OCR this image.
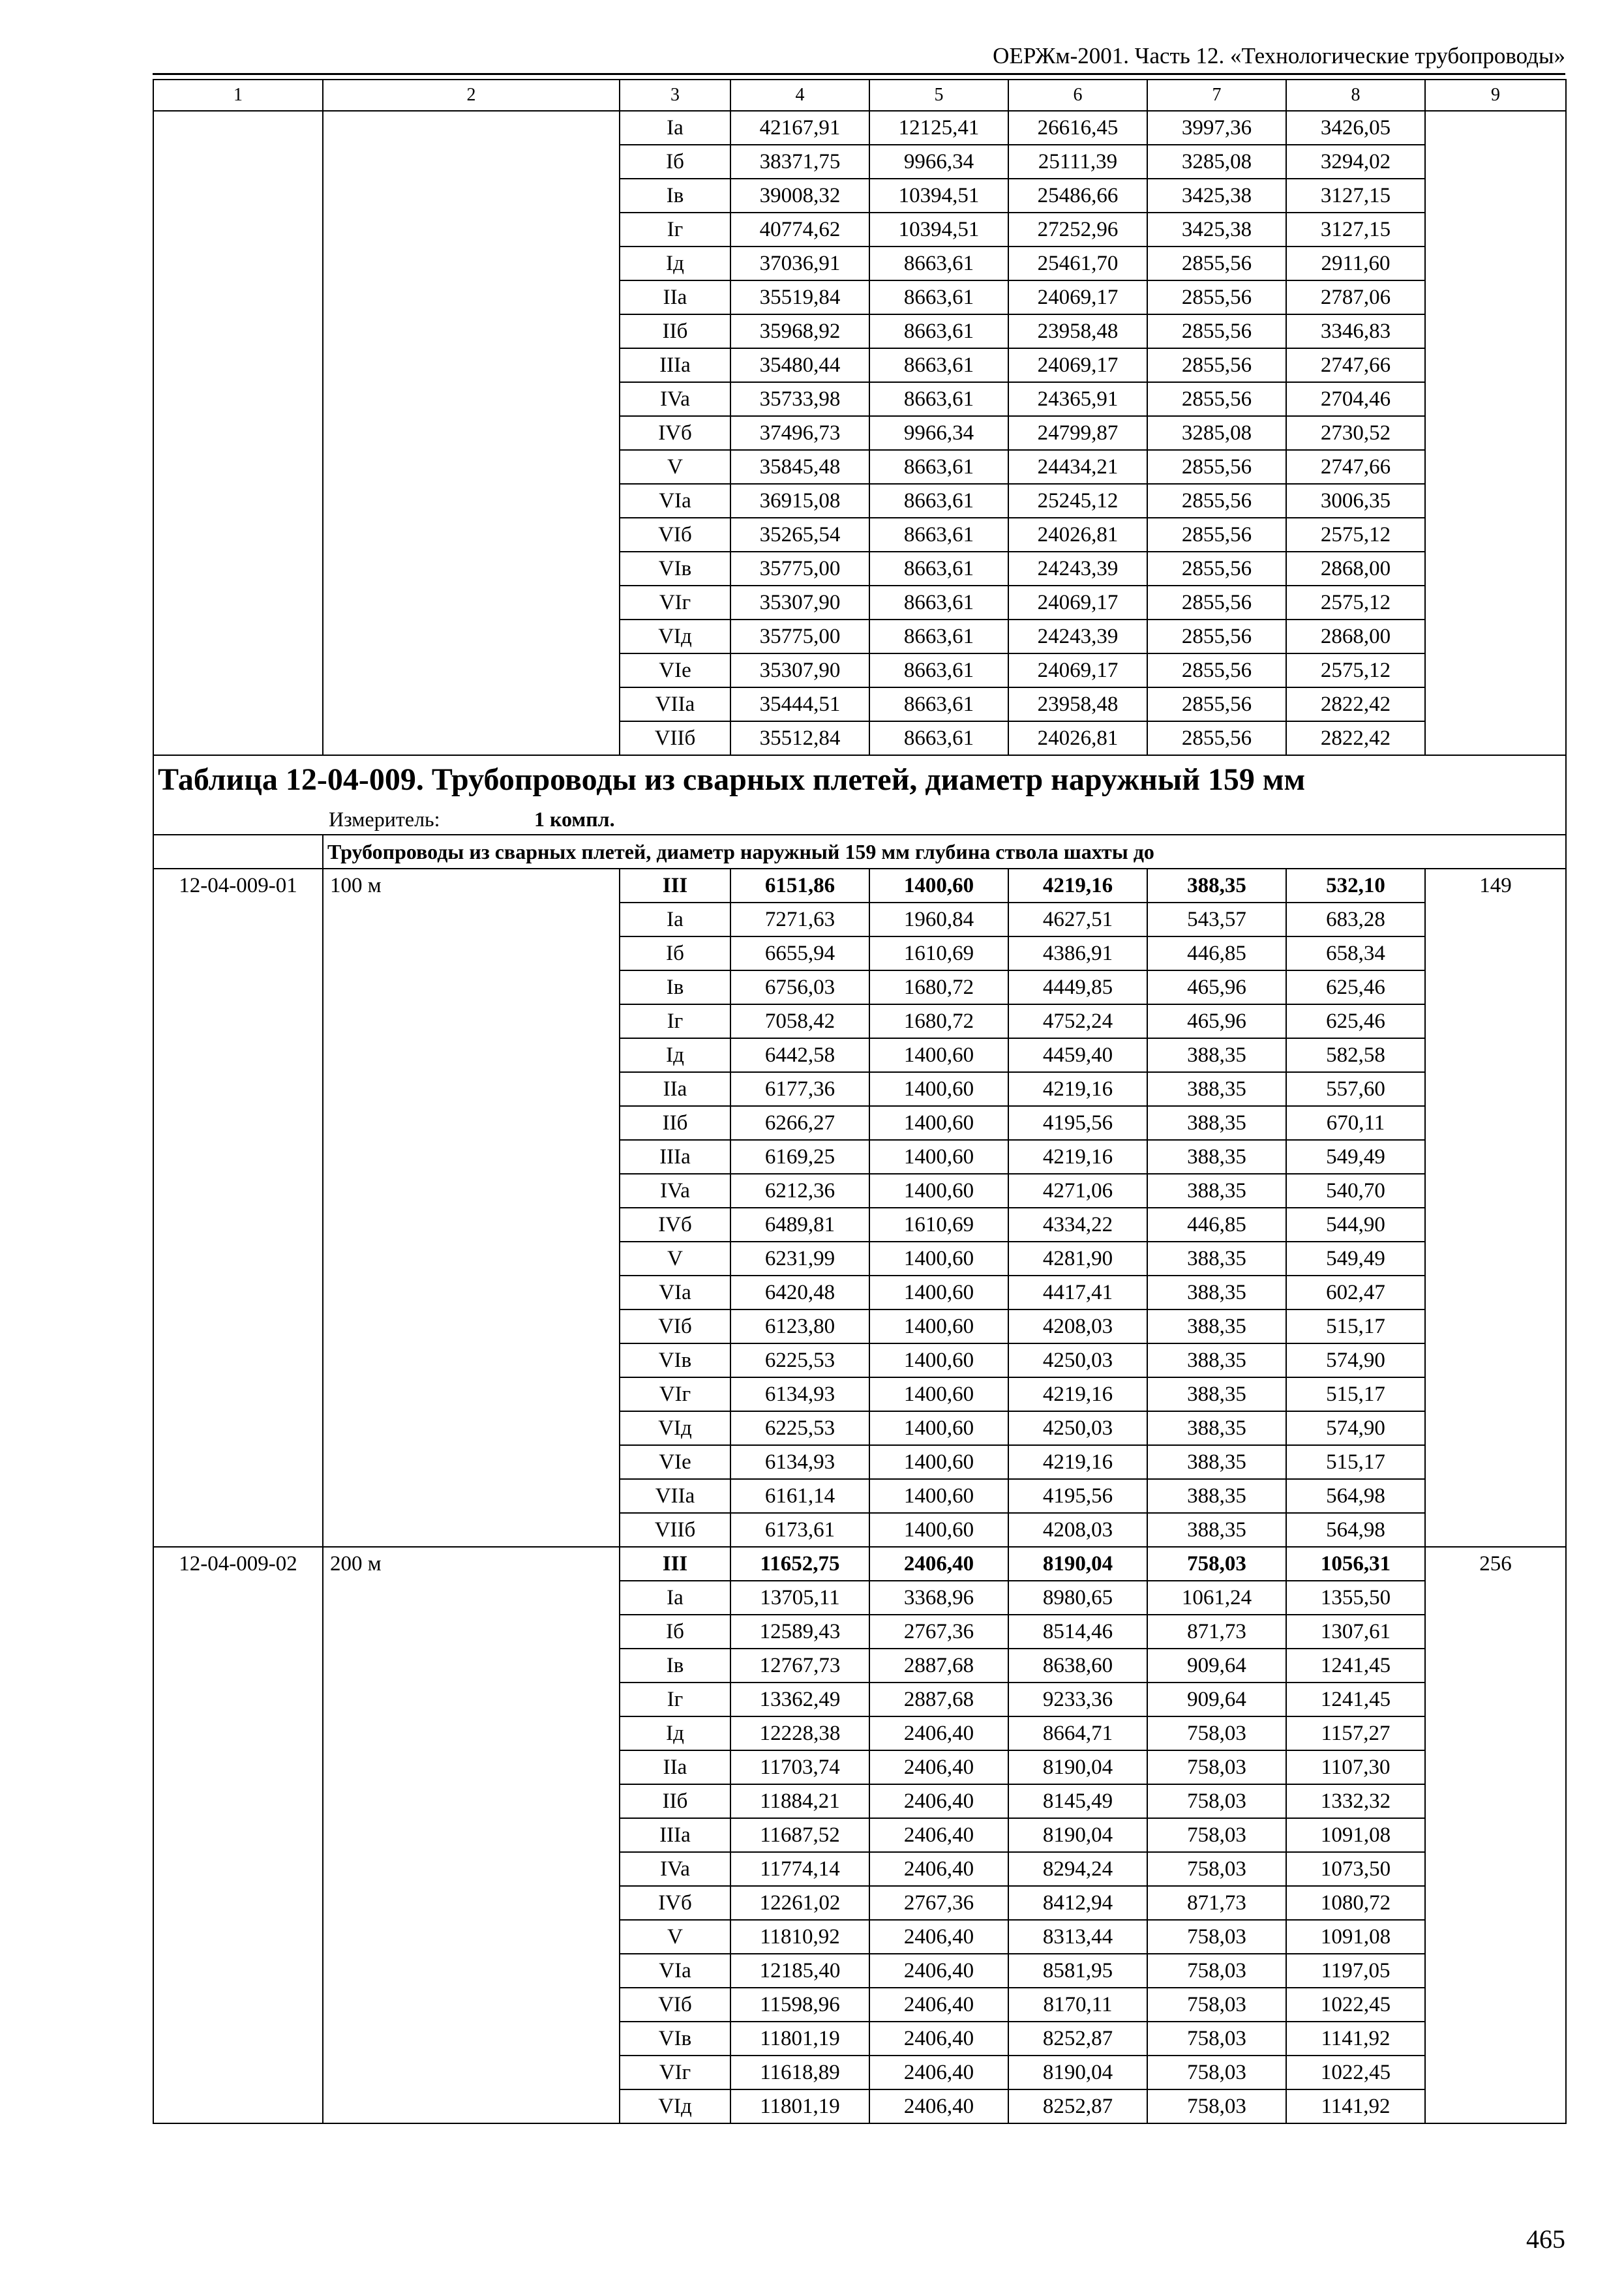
ОЕРЖм-2001. Часть 12. «Технологические трубопроводы»
1	2	3	4	5	6	7	8	9
		Ia	42167,91	12125,41	26616,45	3997,36	3426,05	
		Iб	38371,75	9966,34	25111,39	3285,08	3294,02	
		Iв	39008,32	10394,51	25486,66	3425,38	3127,15	
		Iг	40774,62	10394,51	27252,96	3425,38	3127,15	
		Iд	37036,91	8663,61	25461,70	2855,56	2911,60	
		IIa	35519,84	8663,61	24069,17	2855,56	2787,06	
		IIб	35968,92	8663,61	23958,48	2855,56	3346,83	
		IIIa	35480,44	8663,61	24069,17	2855,56	2747,66	
		IVa	35733,98	8663,61	24365,91	2855,56	2704,46	
		IVб	37496,73	9966,34	24799,87	3285,08	2730,52	
		V	35845,48	8663,61	24434,21	2855,56	2747,66	
		VIa	36915,08	8663,61	25245,12	2855,56	3006,35	
		VIб	35265,54	8663,61	24026,81	2855,56	2575,12	
		VIв	35775,00	8663,61	24243,39	2855,56	2868,00	
		VIг	35307,90	8663,61	24069,17	2855,56	2575,12	
		VIд	35775,00	8663,61	24243,39	2855,56	2868,00	
		VIe	35307,90	8663,61	24069,17	2855,56	2575,12	
		VIIa	35444,51	8663,61	23958,48	2855,56	2822,42	
		VIIб	35512,84	8663,61	24026,81	2855,56	2822,42	
Таблица 12-04-009. Трубопроводы из сварных плетей, диаметр наружный 159 мм								
Измеритель: 1 компл.								
	Трубопроводы из сварных плетей, диаметр наружный 159 мм глубина ствола шахты до							
12-04-009-01	100 м	III	6151,86	1400,60	4219,16	388,35	532,10	149
		Ia	7271,63	1960,84	4627,51	543,57	683,28	
		Iб	6655,94	1610,69	4386,91	446,85	658,34	
		Iв	6756,03	1680,72	4449,85	465,96	625,46	
		Iг	7058,42	1680,72	4752,24	465,96	625,46	
		Iд	6442,58	1400,60	4459,40	388,35	582,58	
		IIa	6177,36	1400,60	4219,16	388,35	557,60	
		IIб	6266,27	1400,60	4195,56	388,35	670,11	
		IIIa	6169,25	1400,60	4219,16	388,35	549,49	
		IVa	6212,36	1400,60	4271,06	388,35	540,70	
		IVб	6489,81	1610,69	4334,22	446,85	544,90	
		V	6231,99	1400,60	4281,90	388,35	549,49	
		VIa	6420,48	1400,60	4417,41	388,35	602,47	
		VIб	6123,80	1400,60	4208,03	388,35	515,17	
		VIв	6225,53	1400,60	4250,03	388,35	574,90	
		VIг	6134,93	1400,60	4219,16	388,35	515,17	
		VIд	6225,53	1400,60	4250,03	388,35	574,90	
		VIe	6134,93	1400,60	4219,16	388,35	515,17	
		VIIa	6161,14	1400,60	4195,56	388,35	564,98	
		VIIб	6173,61	1400,60	4208,03	388,35	564,98	
12-04-009-02	200 м	III	11652,75	2406,40	8190,04	758,03	1056,31	256
		Ia	13705,11	3368,96	8980,65	1061,24	1355,50	
		Iб	12589,43	2767,36	8514,46	871,73	1307,61	
		Iв	12767,73	2887,68	8638,60	909,64	1241,45	
		Iг	13362,49	2887,68	9233,36	909,64	1241,45	
		Iд	12228,38	2406,40	8664,71	758,03	1157,27	
		IIa	11703,74	2406,40	8190,04	758,03	1107,30	
		IIб	11884,21	2406,40	8145,49	758,03	1332,32	
		IIIa	11687,52	2406,40	8190,04	758,03	1091,08	
		IVa	11774,14	2406,40	8294,24	758,03	1073,50	
		IVб	12261,02	2767,36	8412,94	871,73	1080,72	
		V	11810,92	2406,40	8313,44	758,03	1091,08	
		VIa	12185,40	2406,40	8581,95	758,03	1197,05	
		VIб	11598,96	2406,40	8170,11	758,03	1022,45	
		VIв	11801,19	2406,40	8252,87	758,03	1141,92	
		VIг	11618,89	2406,40	8190,04	758,03	1022,45	
		VIд	11801,19	2406,40	8252,87	758,03	1141,92	
465
